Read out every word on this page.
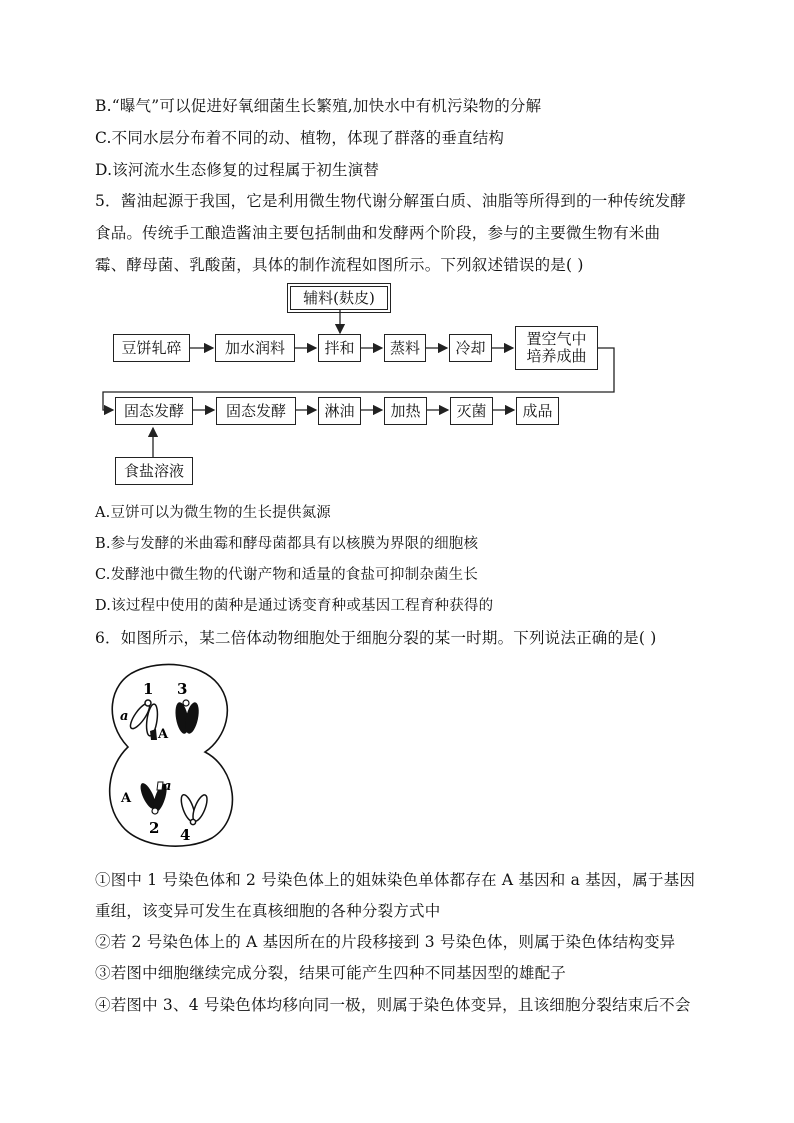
B.“曝气”可以促进好氧细菌生长繁殖,加快水中有机污染物的分解
C.不同水层分布着不同的动、植物，体现了群落的垂直结构
D.该河流水生态修复的过程属于初生演替
5．酱油起源于我国，它是利用微生物代谢分解蛋白质、油脂等所得到的一种传统发酵
食品。传统手工酿造酱油主要包括制曲和发酵两个阶段，参与的主要微生物有米曲
霉、酵母菌、乳酸菌，具体的制作流程如图所示。下列叙述错误的是( )
辅料(麸皮)
豆饼轧碎	加水润料	拌和	蒸料	冷却	置空气中
培养成曲
固态发酵	固态发酵	淋油	加热	灭菌	成品
食盐溶液
A.豆饼可以为微生物的生长提供氮源
B.参与发酵的米曲霉和酵母菌都具有以核膜为界限的细胞核
C.发酵池中微生物的代谢产物和适量的食盐可抑制杂菌生长
D.该过程中使用的菌种是通过诱变育种或基因工程育种获得的
6．如图所示，某二倍体动物细胞处于细胞分裂的某一时期。下列说法正确的是( )
1 3
a
A
A
a
2 4
①图中 1 号染色体和 2 号染色体上的姐妹染色单体都存在 A 基因和 a 基因，属于基因
重组，该变异可发生在真核细胞的各种分裂方式中
②若 2 号染色体上的 A 基因所在的片段移接到 3 号染色体，则属于染色体结构变异
③若图中细胞继续完成分裂，结果可能产生四种不同基因型的雄配子
④若图中 3、4 号染色体均移向同一极，则属于染色体变异，且该细胞分裂结束后不会
